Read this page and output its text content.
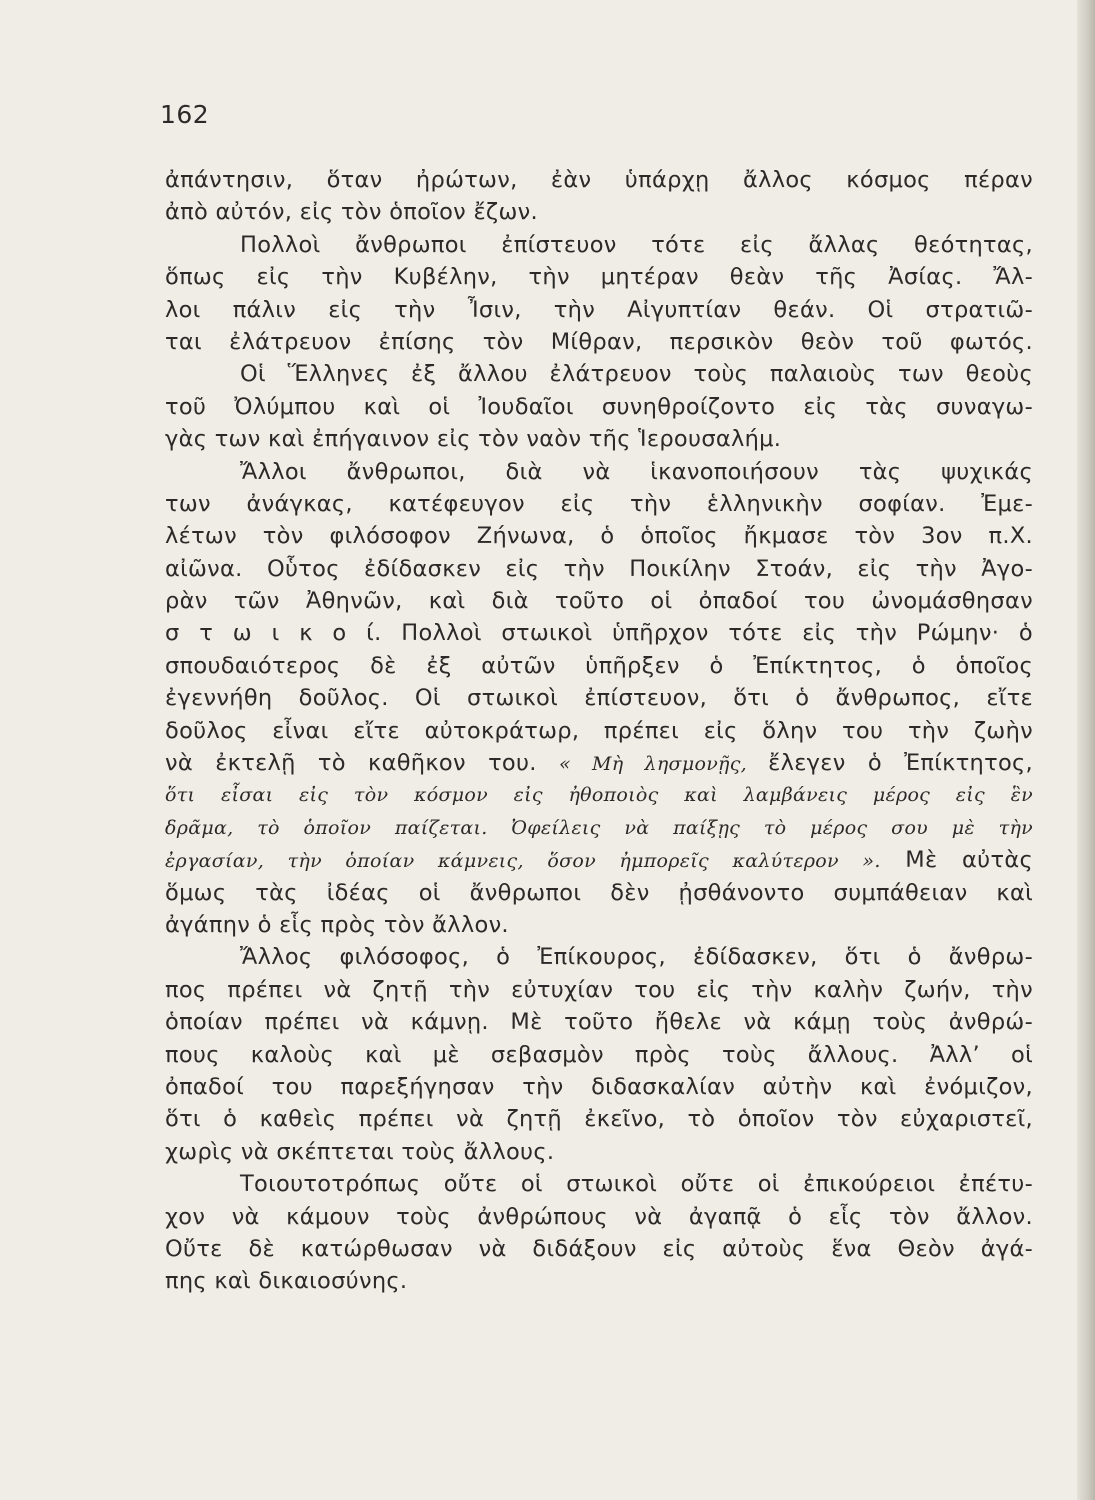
162
ἀπάντησιν, ὅταν ἠρώτων, ἐὰν ὑπάρχῃ ἄλλος κόσμος πέραν
ἀπὸ αὐτόν, εἰς τὸν ὁποῖον ἔζων.
Πολλοὶ ἄνθρωποι ἐπίστευον τότε εἰς ἄλλας θεότητας,
ὅπως εἰς τὴν Κυβέλην, τὴν μητέραν θεὰν τῆς Ἀσίας. Ἄλ-
λοι πάλιν εἰς τὴν Ἶσιν, τὴν Αἰγυπτίαν θεάν. Οἱ στρατιῶ-
ται ἐλάτρευον ἐπίσης τὸν Μίθραν, περσικὸν θεὸν τοῦ φωτός.
Οἱ Ἕλληνες ἐξ ἄλλου ἐλάτρευον τοὺς παλαιοὺς των θεοὺς
τοῦ Ὀλύμπου καὶ οἱ Ἰουδαῖοι συνηθροίζοντο εἰς τὰς συναγω-
γὰς των καὶ ἐπήγαινον εἰς τὸν ναὸν τῆς Ἱερουσαλήμ.
Ἄλλοι ἄνθρωποι, διὰ νὰ ἱκανοποιήσουν τὰς ψυχικάς
των ἀνάγκας, κατέφευγον εἰς τὴν ἑλληνικὴν σοφίαν. Ἐμε-
λέτων τὸν φιλόσοφον Ζήνωνα, ὁ ὁποῖος ἤκμασε τὸν 3ον π.Χ.
αἰῶνα. Οὗτος ἐδίδασκεν εἰς τὴν Ποικίλην Στοάν, εἰς τὴν Ἀγο-
ρὰν τῶν Ἀθηνῶν, καὶ διὰ τοῦτο οἱ ὀπαδοί του ὠνομάσθησαν
σ τ ω ι κ ο ί. Πολλοὶ στωικοὶ ὑπῆρχον τότε εἰς τὴν Ρώμην· ὁ
σπουδαιότερος δὲ ἐξ αὐτῶν ὑπῆρξεν ὁ Ἐπίκτητος, ὁ ὁποῖος
ἐγεννήθη δοῦλος. Οἱ στωικοὶ ἐπίστευον, ὅτι ὁ ἄνθρωπος, εἴτε
δοῦλος εἶναι εἴτε αὐτοκράτωρ, πρέπει εἰς ὅλην του τὴν ζωὴν
νὰ ἐκτελῇ τὸ καθῆκον του. « Μὴ λησμονῇς, ἔλεγεν ὁ Ἐπίκτητος,
ὅτι εἶσαι εἰς τὸν κόσμον εἰς ἠθοποιὸς καὶ λαμβάνεις μέρος εἰς ἓν
δρᾶμα, τὸ ὁποῖον παίζεται. Ὀφείλεις νὰ παίξῃς τὸ μέρος σου μὲ τὴν
ἐργασίαν, τὴν ὁποίαν κάμνεις, ὅσον ἠμπορεῖς καλύτερον ». Μὲ αὐτὰς
ὅμως τὰς ἰδέας οἱ ἄνθρωποι δὲν ᾐσθάνοντο συμπάθειαν καὶ
ἀγάπην ὁ εἷς πρὸς τὸν ἄλλον.
Ἄλλος φιλόσοφος, ὁ Ἐπίκουρος, ἐδίδασκεν, ὅτι ὁ ἄνθρω-
πος πρέπει νὰ ζητῇ τὴν εὐτυχίαν του εἰς τὴν καλὴν ζωήν, τὴν
ὁποίαν πρέπει νὰ κάμνῃ. Μὲ τοῦτο ἤθελε νὰ κάμῃ τοὺς ἀνθρώ-
πους καλοὺς καὶ μὲ σεβασμὸν πρὸς τοὺς ἄλλους. Ἀλλ’ οἱ
ὀπαδοί του παρεξήγησαν τὴν διδασκαλίαν αὐτὴν καὶ ἐνόμιζον,
ὅτι ὁ καθεὶς πρέπει νὰ ζητῇ ἐκεῖνο, τὸ ὁποῖον τὸν εὐχαριστεῖ,
χωρὶς νὰ σκέπτεται τοὺς ἄλλους.
Τοιουτοτρόπως οὔτε οἱ στωικοὶ οὔτε οἱ ἐπικούρειοι ἐπέτυ-
χον νὰ κάμουν τοὺς ἀνθρώπους νὰ ἀγαπᾷ ὁ εἷς τὸν ἄλλον.
Οὔτε δὲ κατώρθωσαν νὰ διδάξουν εἰς αὐτοὺς ἕνα Θεὸν ἀγά-
πης καὶ δικαιοσύνης.
